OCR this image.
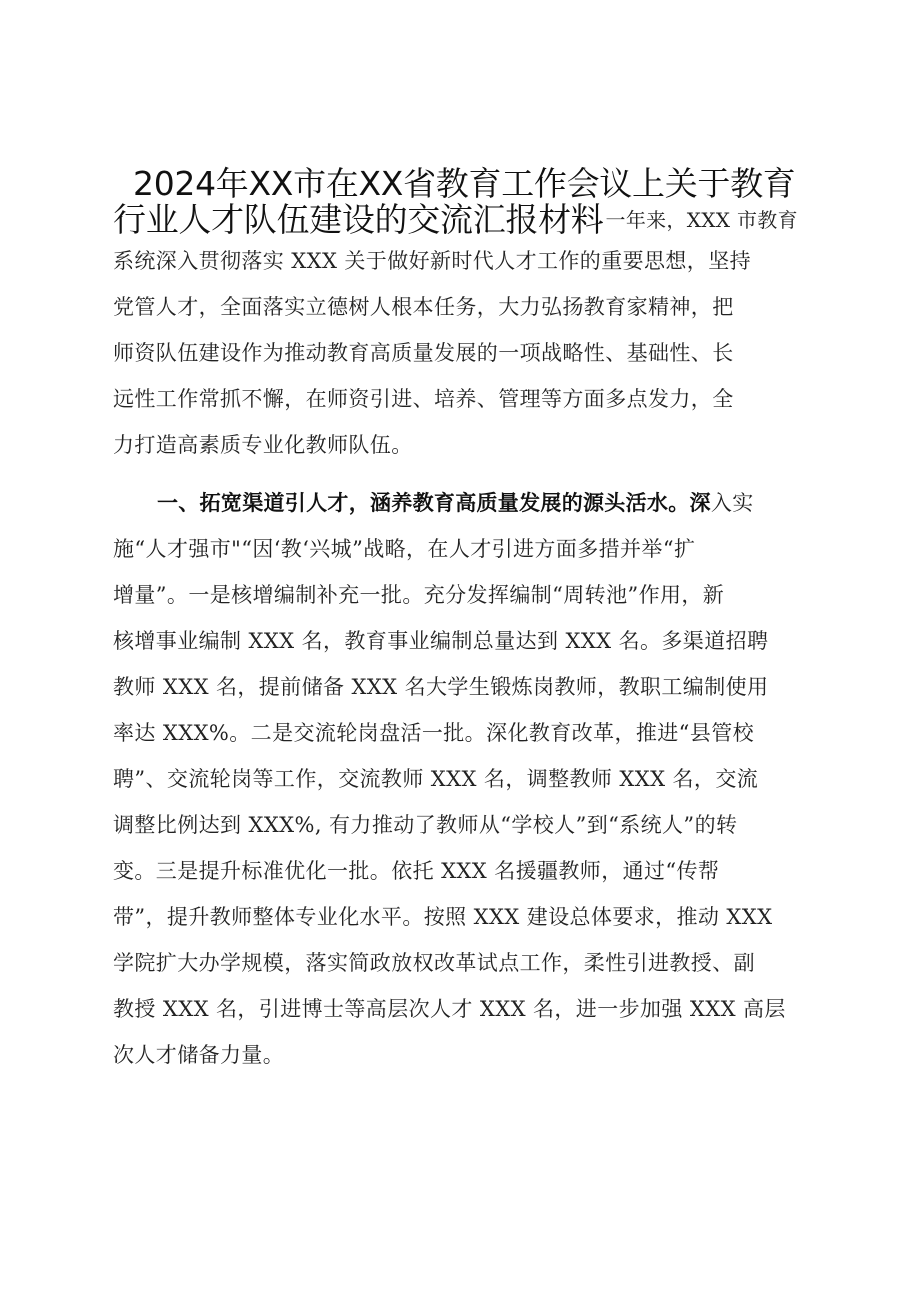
2024年XX市在XX省教育工作会议上关于教育
行业人才队伍建设的交流汇报材料 一年来，XXX 市教育
系统深入贯彻落实 XXX 关于做好新时代人才工作的重要思想，坚持
党管人才，全面落实立德树人根本任务，大力弘扬教育家精神，把
师资队伍建设作为推动教育高质量发展的一项战略性、基础性、长
远性工作常抓不懈，在师资引进、培养、管理等方面多点发力，全
力打造高素质专业化教师队伍。
一、拓宽渠道引人才，涵养教育高质量发展的源头活水。深入实
施“人才强市"“因‘教‘兴城”战略，在人才引进方面多措并举“扩
增量”。一是核增编制补充一批。充分发挥编制“周转池”作用，新
核增事业编制 XXX 名，教育事业编制总量达到 XXX 名。多渠道招聘
教师 XXX 名，提前储备 XXX 名大学生锻炼岗教师，教职工编制使用
率达 XXX%。二是交流轮岗盘活一批。深化教育改革，推进“县管校
聘”、交流轮岗等工作，交流教师 XXX 名，调整教师 XXX 名，交流
调整比例达到 XXX%, 有力推动了教师从“学校人”到“系统人”的转
变。三是提升标准优化一批。依托 XXX 名援疆教师，通过“传帮
带”，提升教师整体专业化水平。按照 XXX 建设总体要求，推动 XXX
学院扩大办学规模，落实简政放权改革试点工作，柔性引进教授、副
教授 XXX 名，引进博士等高层次人才 XXX 名，进一步加强 XXX 高层
次人才储备力量。
